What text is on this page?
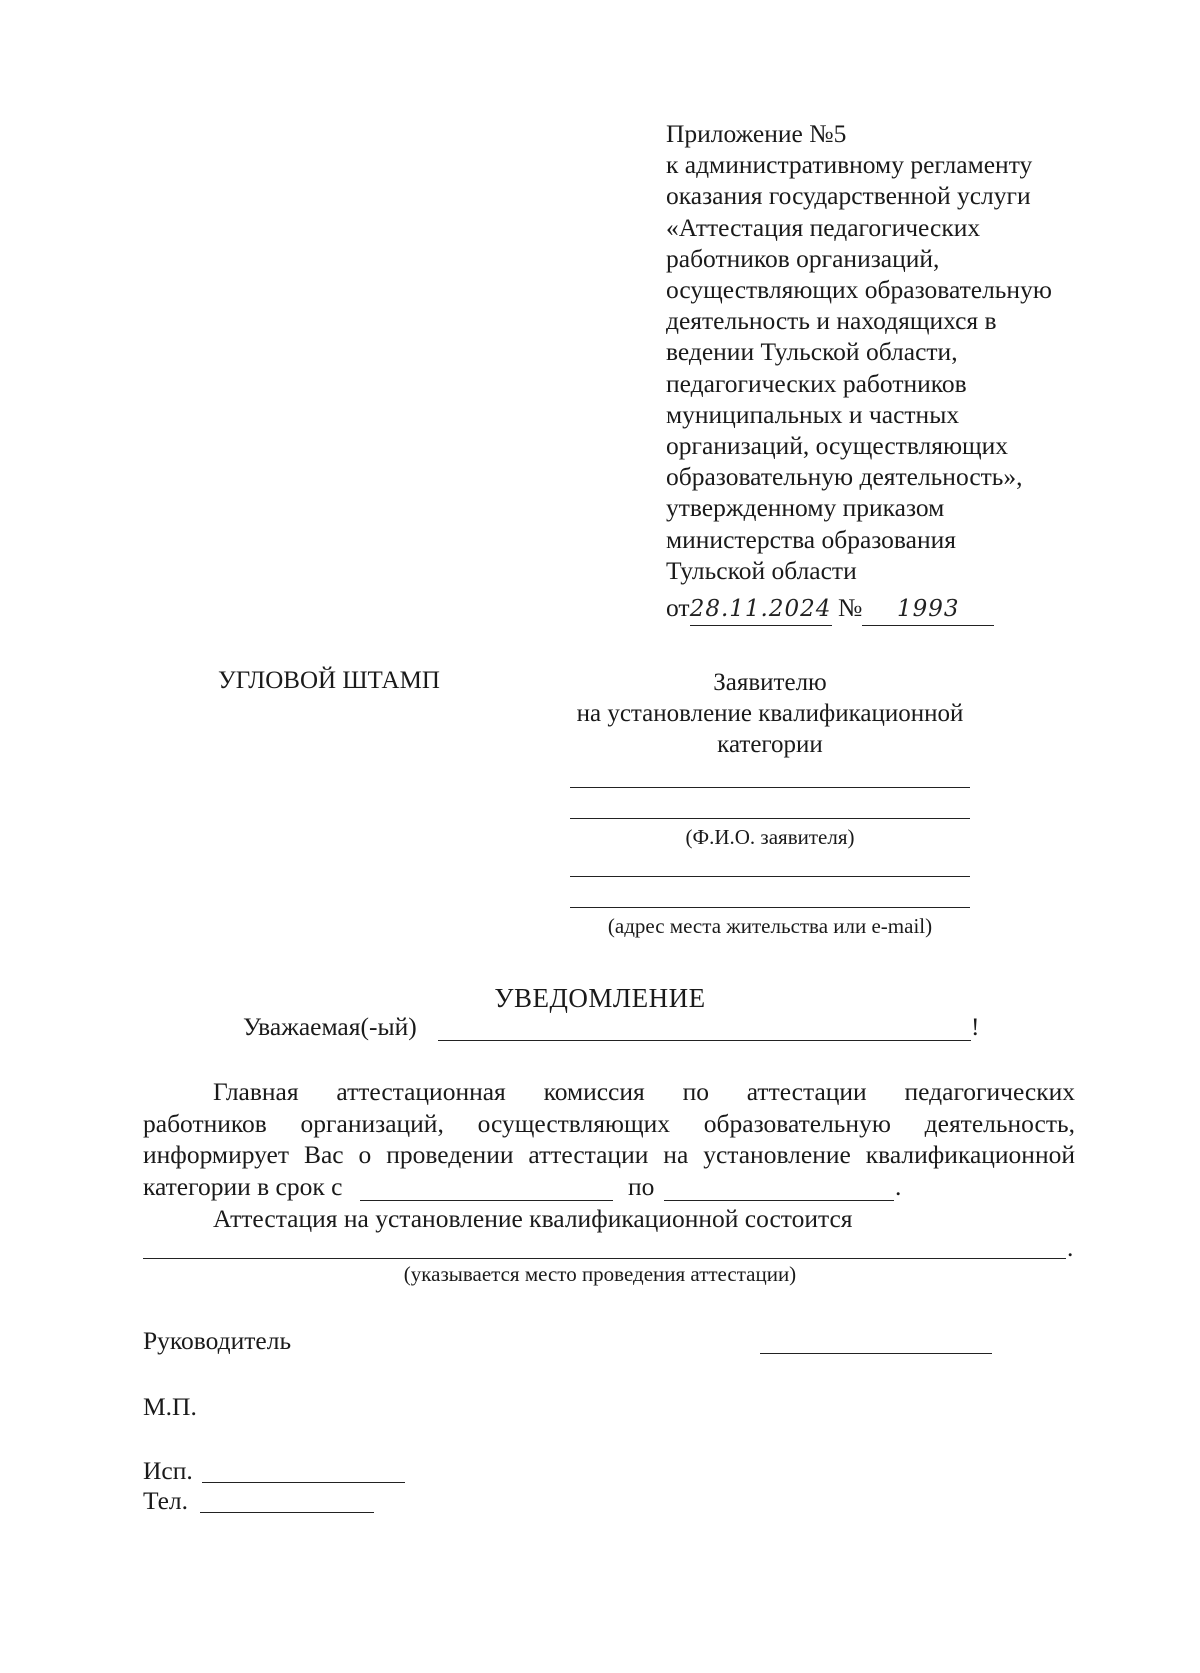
Приложение №5
к административному регламенту
оказания государственной услуги
«Аттестация педагогических
работников организаций,
осуществляющих образовательную
деятельность и находящихся в
ведении Тульской области,
педагогических работников
муниципальных и частных
организаций, осуществляющих
образовательную деятельность»,
утвержденному приказом
министерства образования
Тульской области
от28.11.2024 № 1993
УГЛОВОЙ ШТАМП	Заявителю
на установление квалификационной
категории
(Ф.И.О. заявителя)
(адрес места жительства или e-mail)
УВЕДОМЛЕНИЕ
Уважаемая(-ый)	!
Главная аттестационная комиссия по аттестации педагогических
работников организаций, осуществляющих образовательную деятельность,
информирует Вас о проведении аттестации на установление квалификационной
категории в срок с	по	.
Аттестация на установление квалификационной состоится
.
(указывается место проведения аттестации)
Руководитель
М.П.
Исп.
Тел.
